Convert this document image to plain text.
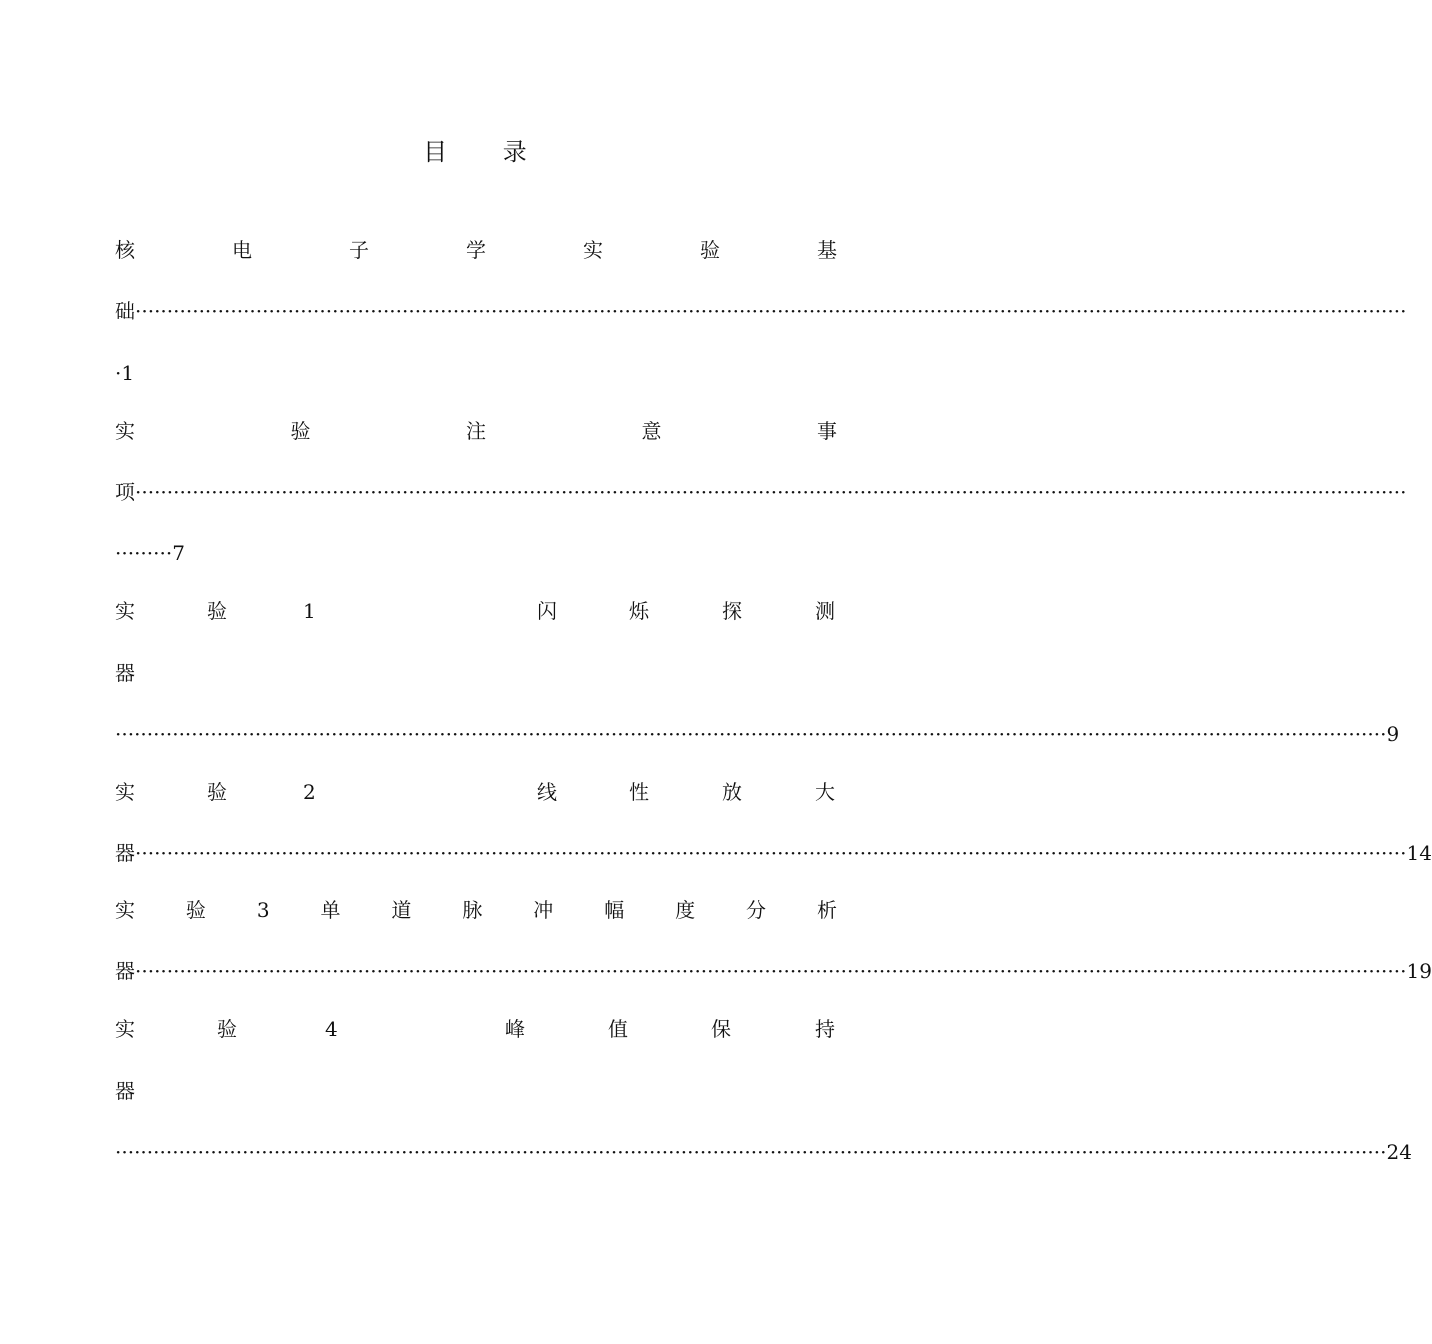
目 录
核	电	子	学	实	验	基
础 ········································································································································································································
·1
实	验	注	意	事
项 ········································································································································································································
·········7
实	验	1	闪	烁	探	测
器
········································································································································································································ 9
实	验	2	线	性	放	大
器 ········································································································································································································ 14
实	验	3	单	道	脉	冲	幅	度	分	析
器 ········································································································································································································ 19
实	验	4	峰	值	保	持
器
········································································································································································································ 24
